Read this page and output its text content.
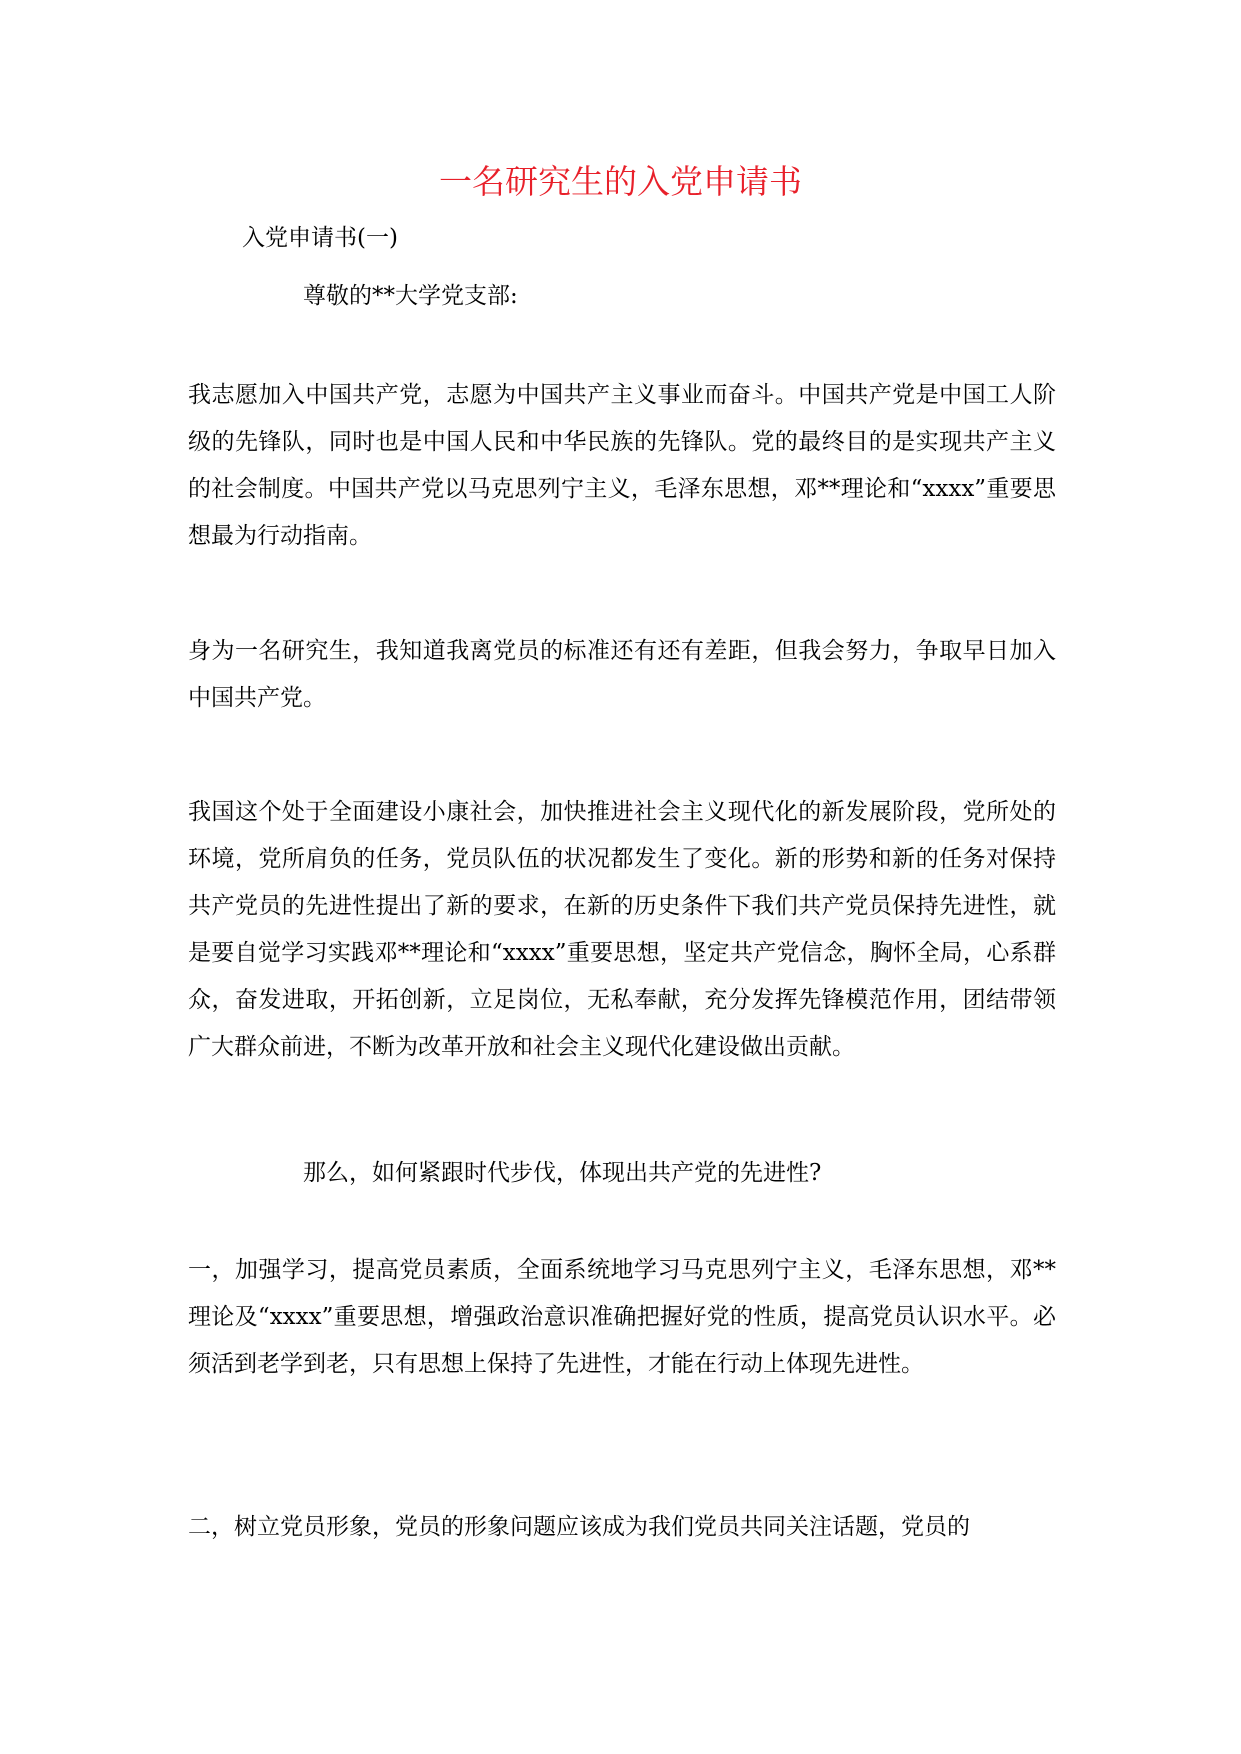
一名研究生的入党申请书
入党申请书(一)
尊敬的**大学党支部:
我志愿加入中国共产党，志愿为中国共产主义事业而奋斗。中国共产党是中国工人阶级的先锋队，同时也是中国人民和中华民族的先锋队。党的最终目的是实现共产主义的社会制度。中国共产党以马克思列宁主义，毛泽东思想，邓**理论和“xxxx”重要思想最为行动指南。
身为一名研究生，我知道我离党员的标准还有还有差距，但我会努力，争取早日加入中国共产党。
我国这个处于全面建设小康社会，加快推进社会主义现代化的新发展阶段，党所处的环境，党所肩负的任务，党员队伍的状况都发生了变化。新的形势和新的任务对保持共产党员的先进性提出了新的要求，在新的历史条件下我们共产党员保持先进性，就是要自觉学习实践邓**理论和“xxxx”重要思想，坚定共产党信念，胸怀全局，心系群众，奋发进取，开拓创新，立足岗位，无私奉献，充分发挥先锋模范作用，团结带领广大群众前进，不断为改革开放和社会主义现代化建设做出贡献。
那么，如何紧跟时代步伐，体现出共产党的先进性?
一，加强学习，提高党员素质，全面系统地学习马克思列宁主义，毛泽东思想，邓**理论及“xxxx”重要思想，增强政治意识准确把握好党的性质，提高党员认识水平。必须活到老学到老，只有思想上保持了先进性，才能在行动上体现先进性。
二，树立党员形象，党员的形象问题应该成为我们党员共同关注话题，党员的
